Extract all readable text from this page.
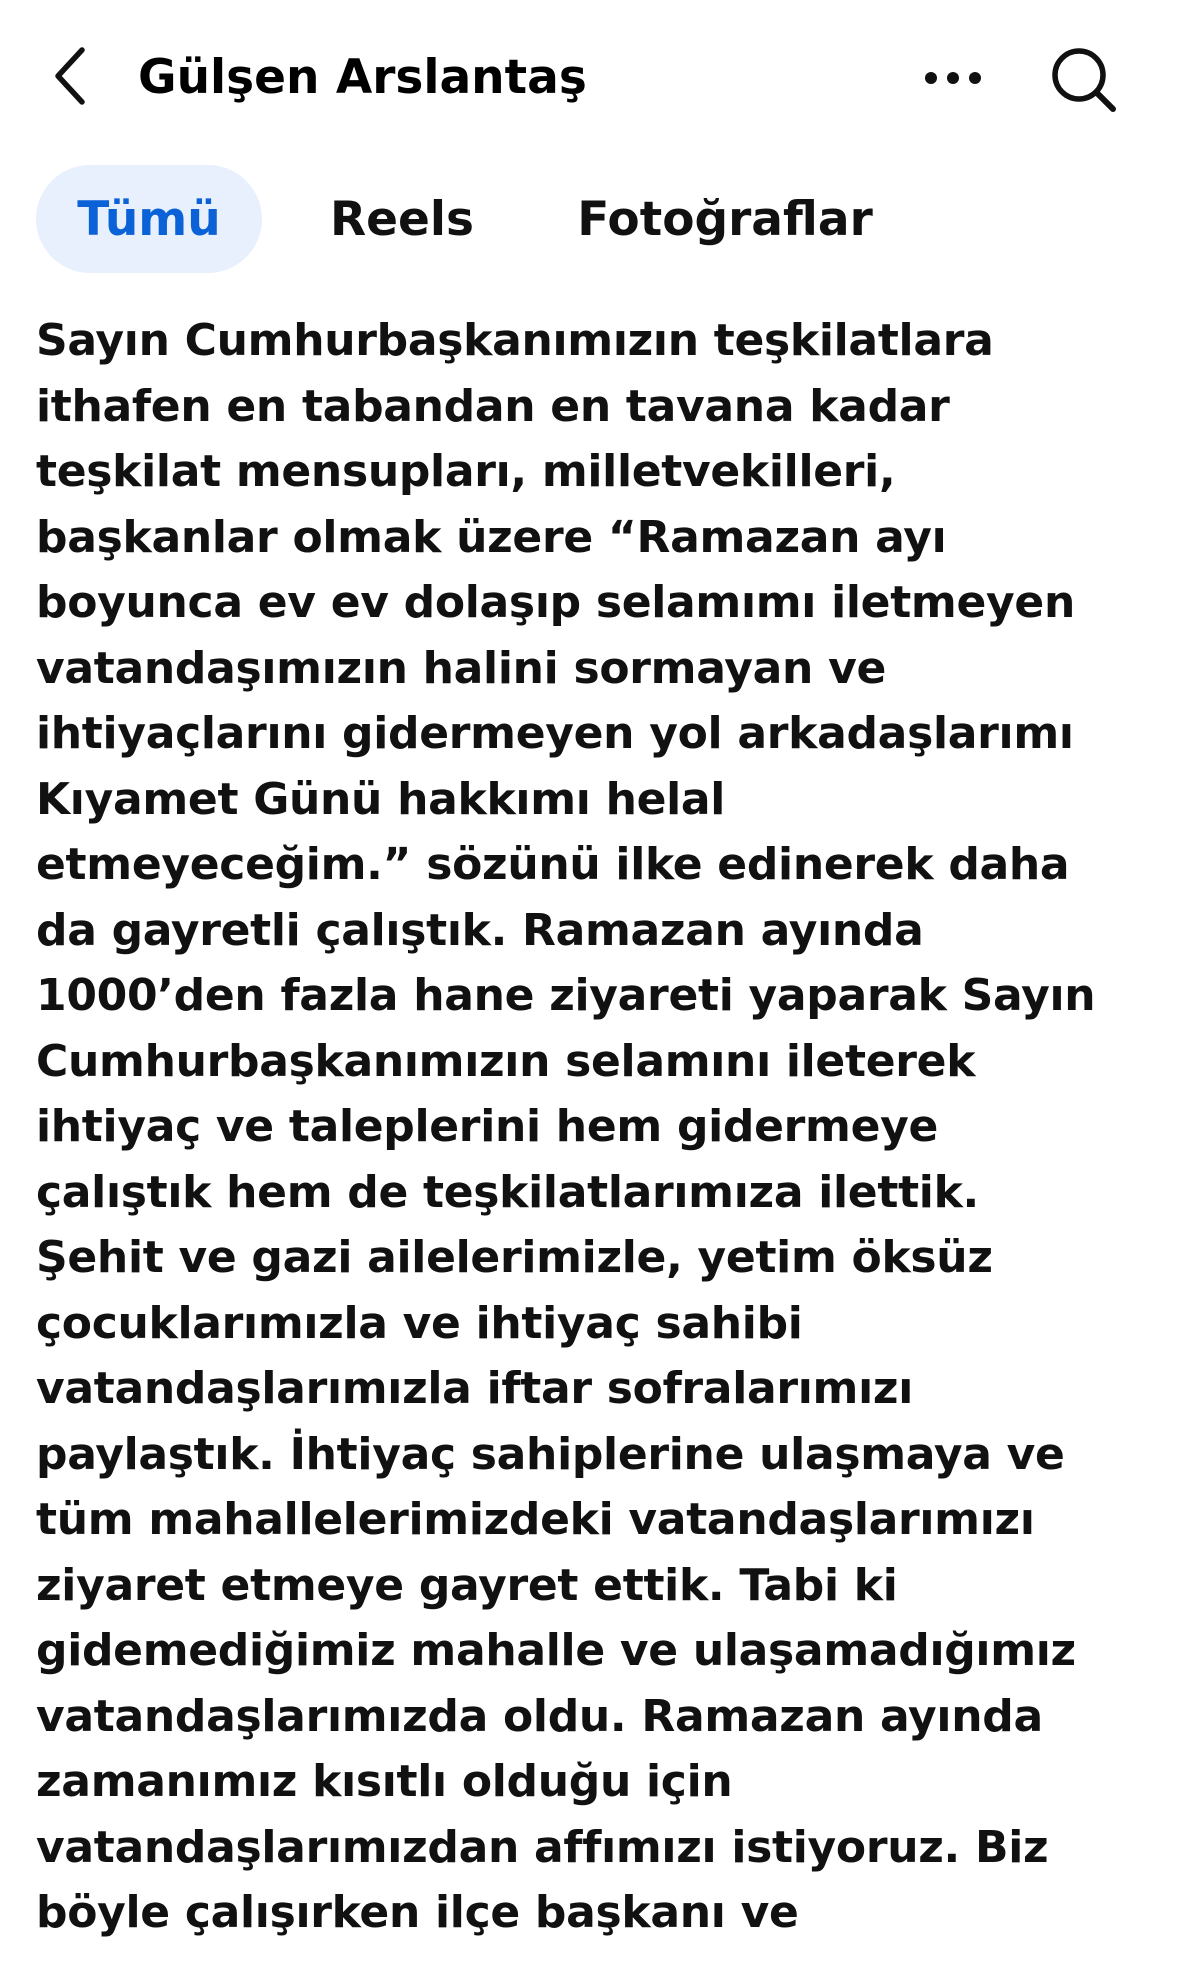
Gülşen Arslantaş
Tümü	Reels	Fotoğraflar
Sayın Cumhurbaşkanımızın teşkilatlara
ithafen en tabandan en tavana kadar
teşkilat mensupları, milletvekilleri,
başkanlar olmak üzere “Ramazan ayı
boyunca ev ev dolaşıp selamımı iletmeyen
vatandaşımızın halini sormayan ve
ihtiyaçlarını gidermeyen yol arkadaşlarımı
Kıyamet Günü hakkımı helal
etmeyeceğim.” sözünü ilke edinerek daha
da gayretli çalıştık. Ramazan ayında
1000’den fazla hane ziyareti yaparak Sayın
Cumhurbaşkanımızın selamını ileterek
ihtiyaç ve taleplerini hem gidermeye
çalıştık hem de teşkilatlarımıza ilettik.
Şehit ve gazi ailelerimizle, yetim öksüz
çocuklarımızla ve ihtiyaç sahibi
vatandaşlarımızla iftar sofralarımızı
paylaştık. İhtiyaç sahiplerine ulaşmaya ve
tüm mahallelerimizdeki vatandaşlarımızı
ziyaret etmeye gayret ettik. Tabi ki
gidemediğimiz mahalle ve ulaşamadığımız
vatandaşlarımızda oldu. Ramazan ayında
zamanımız kısıtlı olduğu için
vatandaşlarımızdan affımızı istiyoruz. Biz
böyle çalışırken ilçe başkanı ve
